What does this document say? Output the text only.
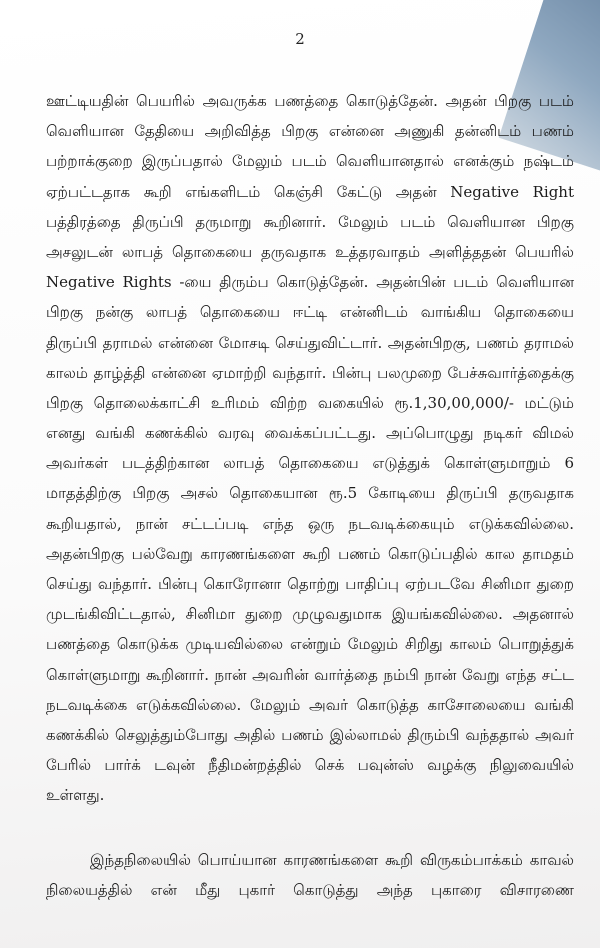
2
ஊட்டியதின் பெயரில் அவருக்க பணத்தை கொடுத்தேன். அதன் பிறகு படம்
வெளியான தேதியை அறிவித்த பிறகு என்னை அணுகி தன்னிடம் பணம்
பற்றாக்குறை இருப்பதால் மேலும் படம் வெளியானதால் எனக்கும் நஷ்டம்
ஏற்பட்டதாக கூறி எங்களிடம் கெஞ்சி கேட்டு அதன் Negative Right
பத்திரத்தை திருப்பி தருமாறு கூறினார். மேலும் படம் வெளியான பிறகு
அசலுடன் லாபத் தொகையை தருவதாக உத்தரவாதம் அளித்ததன் பெயரில்
Negative Rights -யை திரும்ப கொடுத்தேன். அதன்பின் படம் வெளியான
பிறகு நன்கு லாபத் தொகையை ஈட்டி என்னிடம் வாங்கிய தொகையை
திருப்பி தராமல் என்னை மோசடி செய்துவிட்டார். அதன்பிறகு, பணம் தராமல்
காலம் தாழ்த்தி என்னை ஏமாற்றி வந்தார். பின்பு பலமுறை பேச்சுவார்த்தைக்கு
பிறகு தொலைக்காட்சி உரிமம் விற்ற வகையில் ரூ.1,30,00,000/- மட்டும்
எனது வங்கி கணக்கில் வரவு வைக்கப்பட்டது. அப்பொழுது நடிகர் விமல்
அவர்கள் படத்திற்கான லாபத் தொகையை எடுத்துக் கொள்ளுமாறும் 6
மாதத்திற்கு பிறகு அசல் தொகையான ரூ.5 கோடியை திருப்பி தருவதாக
கூறியதால், நான் சட்டப்படி எந்த ஒரு நடவடிக்கையும் எடுக்கவில்லை.
அதன்பிறகு பல்வேறு காரணங்களை கூறி பணம் கொடுப்பதில் கால தாமதம்
செய்து வந்தார். பின்பு கொரோனா தொற்று பாதிப்பு ஏற்படவே சினிமா துறை
முடங்கிவிட்டதால், சினிமா துறை முழுவதுமாக இயங்கவில்லை. அதனால்
பணத்தை கொடுக்க முடியவில்லை என்றும் மேலும் சிறிது காலம் பொறுத்துக்
கொள்ளுமாறு கூறினார். நான் அவரின் வார்த்தை நம்பி நான் வேறு எந்த சட்ட
நடவடிக்கை எடுக்கவில்லை. மேலும் அவர் கொடுத்த காசோலையை வங்கி
கணக்கில் செலுத்தும்போது அதில் பணம் இல்லாமல் திரும்பி வந்ததால் அவர்
பேரில் பார்க் டவுன் நீதிமன்றத்தில் செக் பவுன்ஸ் வழக்கு நிலுவையில்
உள்ளது.
இந்தநிலையில் பொய்யான காரணங்களை கூறி விருகம்பாக்கம் காவல்
நிலையத்தில் என் மீது புகார் கொடுத்து அந்த புகாரை விசாரணை
